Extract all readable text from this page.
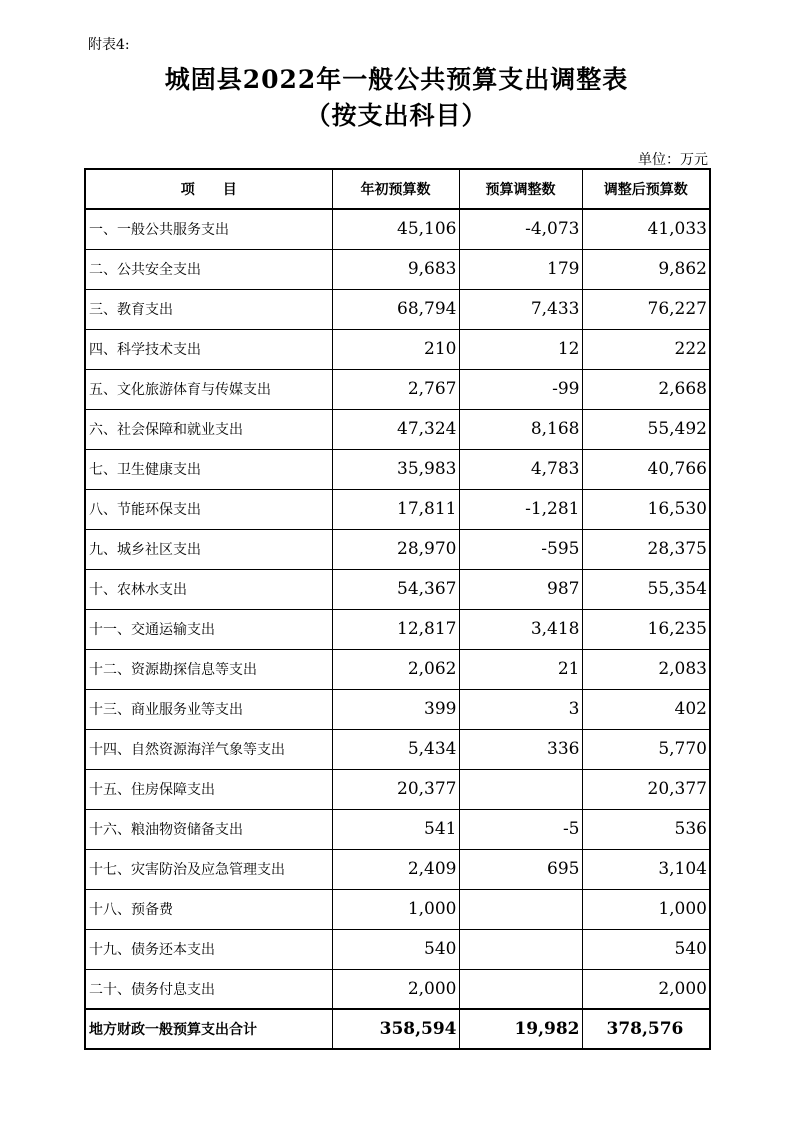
附表4:
城固县2022年一般公共预算支出调整表
（按支出科目）
单位：万元
项　　目	年初预算数	预算调整数	调整后预算数
一、一般公共服务支出	45,106	-4,073	41,033
二、公共安全支出	9,683	179	9,862
三、教育支出	68,794	7,433	76,227
四、科学技术支出	210	12	222
五、文化旅游体育与传媒支出	2,767	-99	2,668
六、社会保障和就业支出	47,324	8,168	55,492
七、卫生健康支出	35,983	4,783	40,766
八、节能环保支出	17,811	-1,281	16,530
九、城乡社区支出	28,970	-595	28,375
十、农林水支出	54,367	987	55,354
十一、交通运输支出	12,817	3,418	16,235
十二、资源勘探信息等支出	2,062	21	2,083
十三、商业服务业等支出	399	3	402
十四、自然资源海洋气象等支出	5,434	336	5,770
十五、住房保障支出	20,377		20,377
十六、粮油物资储备支出	541	-5	536
十七、灾害防治及应急管理支出	2,409	695	3,104
十八、预备费	1,000		1,000
十九、债务还本支出	540		540
二十、债务付息支出	2,000		2,000
地方财政一般预算支出合计	358,594	19,982	378,576
